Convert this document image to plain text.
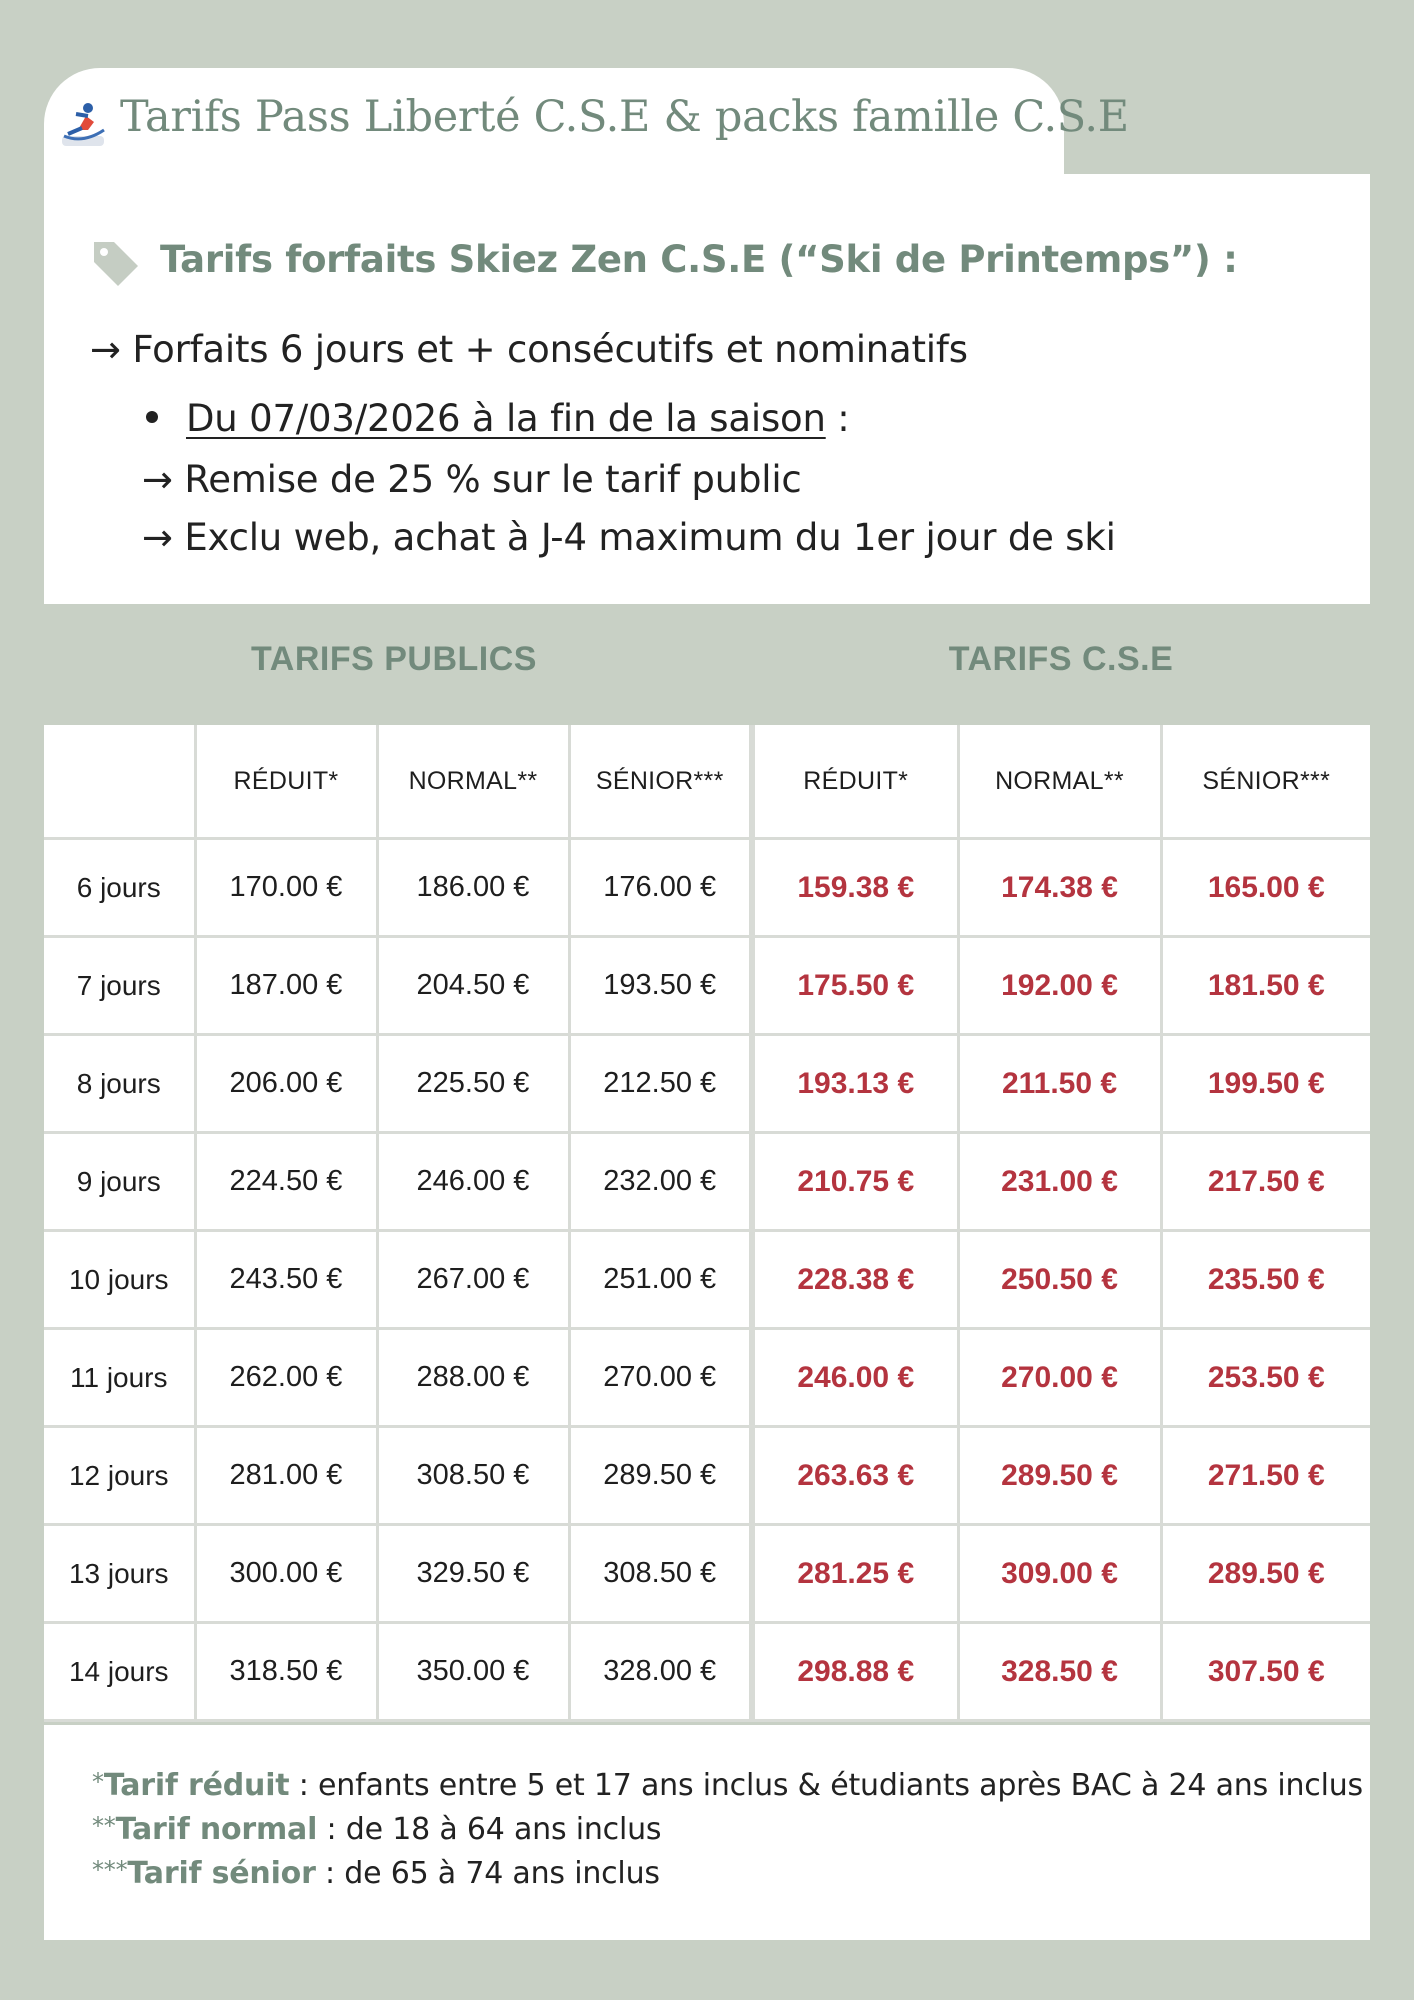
Tarifs Pass Liberté C.S.E & packs famille C.S.E
Tarifs forfaits Skiez Zen C.S.E (“Ski de Printemps”) :
→ Forfaits 6 jours et + consécutifs et nominatifs
Du 07/03/2026 à la fin de la saison :
→ Remise de 25 % sur le tarif public
→ Exclu web, achat à J-4 maximum du 1er jour de ski
TARIFS PUBLICS	TARIFS C.S.E
	RÉDUIT*	NORMAL**	SÉNIOR***	RÉDUIT*	NORMAL**	SÉNIOR***
6 jours	170.00 €	186.00 €	176.00 €	159.38 €	174.38 €	165.00 €
7 jours	187.00 €	204.50 €	193.50 €	175.50 €	192.00 €	181.50 €
8 jours	206.00 €	225.50 €	212.50 €	193.13 €	211.50 €	199.50 €
9 jours	224.50 €	246.00 €	232.00 €	210.75 €	231.00 €	217.50 €
10 jours	243.50 €	267.00 €	251.00 €	228.38 €	250.50 €	235.50 €
11 jours	262.00 €	288.00 €	270.00 €	246.00 €	270.00 €	253.50 €
12 jours	281.00 €	308.50 €	289.50 €	263.63 €	289.50 €	271.50 €
13 jours	300.00 €	329.50 €	308.50 €	281.25 €	309.00 €	289.50 €
14 jours	318.50 €	350.00 €	328.00 €	298.88 €	328.50 €	307.50 €
*Tarif réduit : enfants entre 5 et 17 ans inclus & étudiants après BAC à 24 ans inclus
**Tarif normal : de 18 à 64 ans inclus
***Tarif sénior : de 65 à 74 ans inclus
